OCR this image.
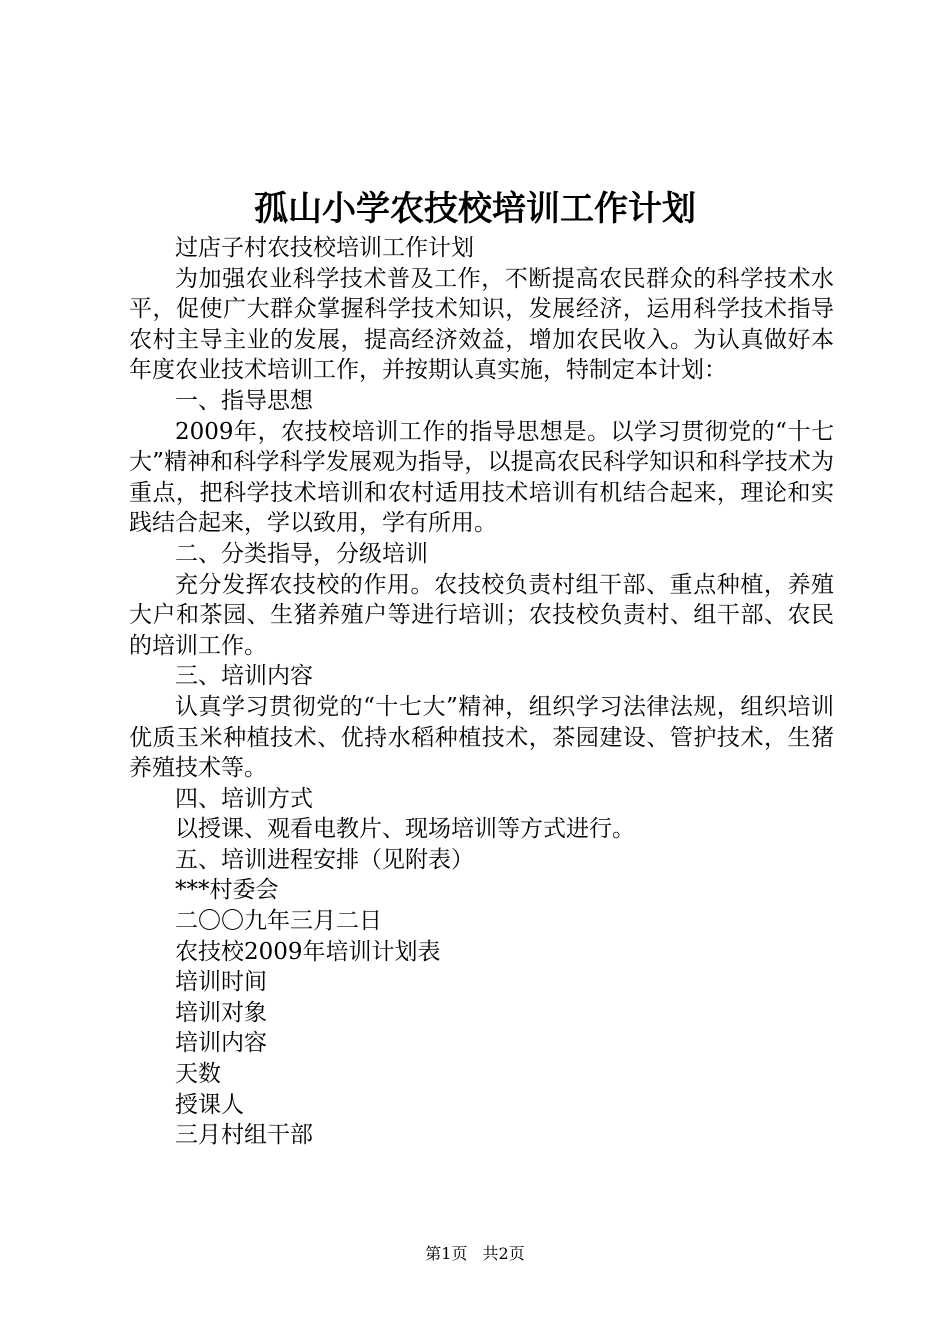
孤山小学农技校培训工作计划

过店子村农技校培训工作计划

为加强农业科学技术普及工作，不断提高农民群众的科学技术水平，促使广大群众掌握科学技术知识，发展经济，运用科学技术指导农村主导主业的发展，提高经济效益，增加农民收入。为认真做好本年度农业技术培训工作，并按期认真实施，特制定本计划：

一、指导思想

2009年，农技校培训工作的指导思想是。以学习贯彻党的“十七大”精神和科学科学发展观为指导，以提高农民科学知识和科学技术为重点，把科学技术培训和农村适用技术培训有机结合起来，理论和实践结合起来，学以致用，学有所用。

二、分类指导，分级培训

充分发挥农技校的作用。农技校负责村组干部、重点种植，养殖大户和茶园、生猪养殖户等进行培训；农技校负责村、组干部、农民的培训工作。

三、培训内容

认真学习贯彻党的“十七大”精神，组织学习法律法规，组织培训优质玉米种植技术、优持水稻种植技术，茶园建设、管护技术，生猪养殖技术等。

四、培训方式

以授课、观看电教片、现场培训等方式进行。

五、培训进程安排（见附表）

***村委会

二〇〇九年三月二日

农技校2009年培训计划表

培训时间

培训对象

培训内容

天数

授课人

三月村组干部

第1页 共2页
